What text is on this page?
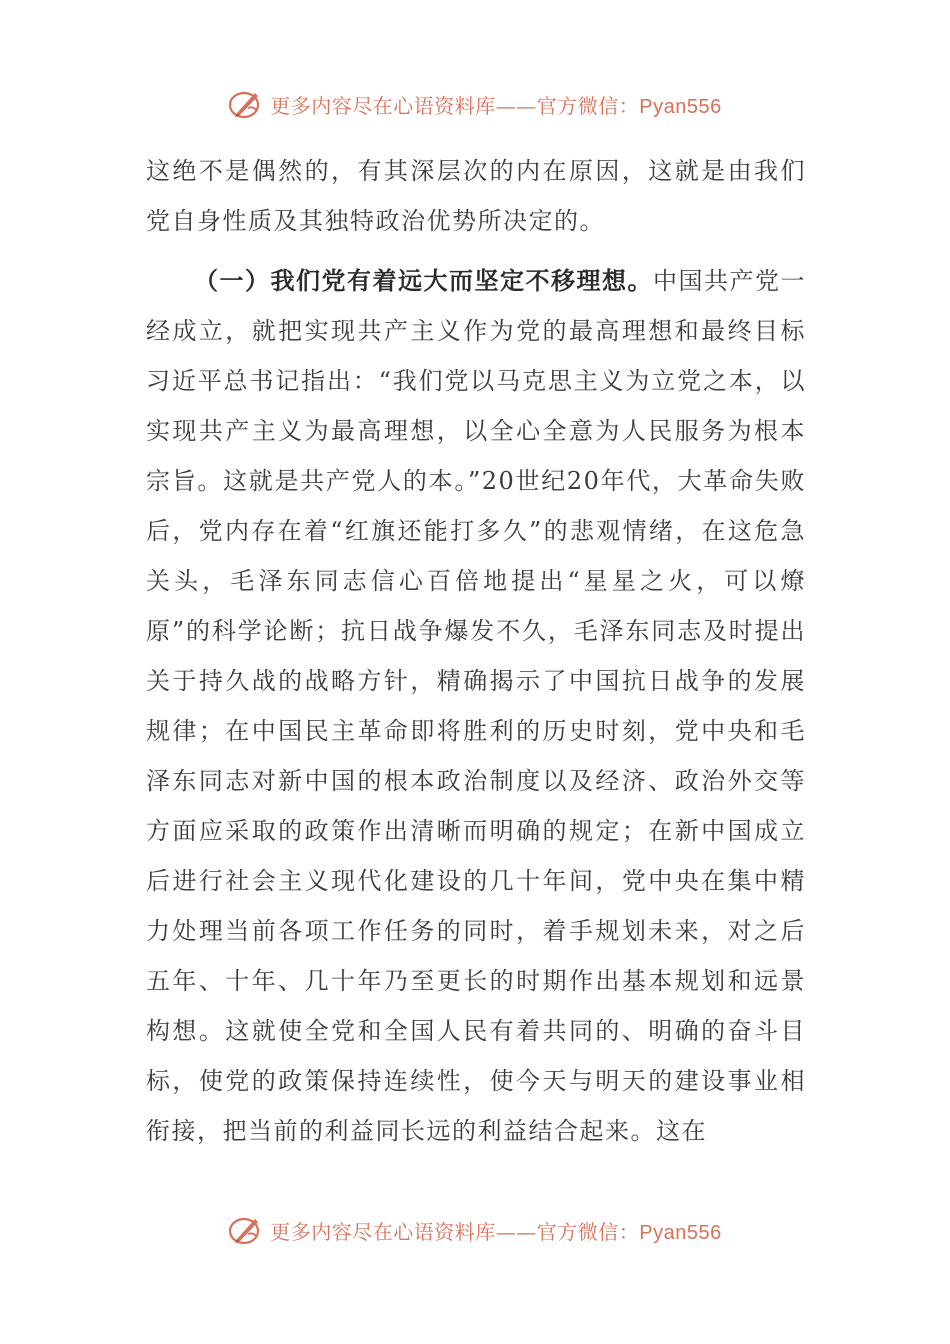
更多内容尽在心语资料库——官方微信：Pyan556

这绝不是偶然的，有其深层次的内在原因，这就是由我们党自身性质及其独特政治优势所决定的。

（一）我们党有着远大而坚定不移理想。中国共产党一经成立，就把实现共产主义作为党的最高理想和最终目标习近平总书记指出：“我们党以马克思主义为立党之本，以实现共产主义为最高理想，以全心全意为人民服务为根本宗旨。这就是共产党人的本。”20世纪20年代，大革命失败后，党内存在着“红旗还能打多久”的悲观情绪，在这危急关头，毛泽东同志信心百倍地提出“星星之火，可以燎原”的科学论断；抗日战争爆发不久，毛泽东同志及时提出关于持久战的战略方针，精确揭示了中国抗日战争的发展规律；在中国民主革命即将胜利的历史时刻，党中央和毛泽东同志对新中国的根本政治制度以及经济、政治外交等方面应采取的政策作出清晰而明确的规定；在新中国成立后进行社会主义现代化建设的几十年间，党中央在集中精力处理当前各项工作任务的同时，着手规划未来，对之后五年、十年、几十年乃至更长的时期作出基本规划和远景构想。这就使全党和全国人民有着共同的、明确的奋斗目标，使党的政策保持连续性，使今天与明天的建设事业相衔接，把当前的利益同长远的利益结合起来。这在

更多内容尽在心语资料库——官方微信：Pyan556
